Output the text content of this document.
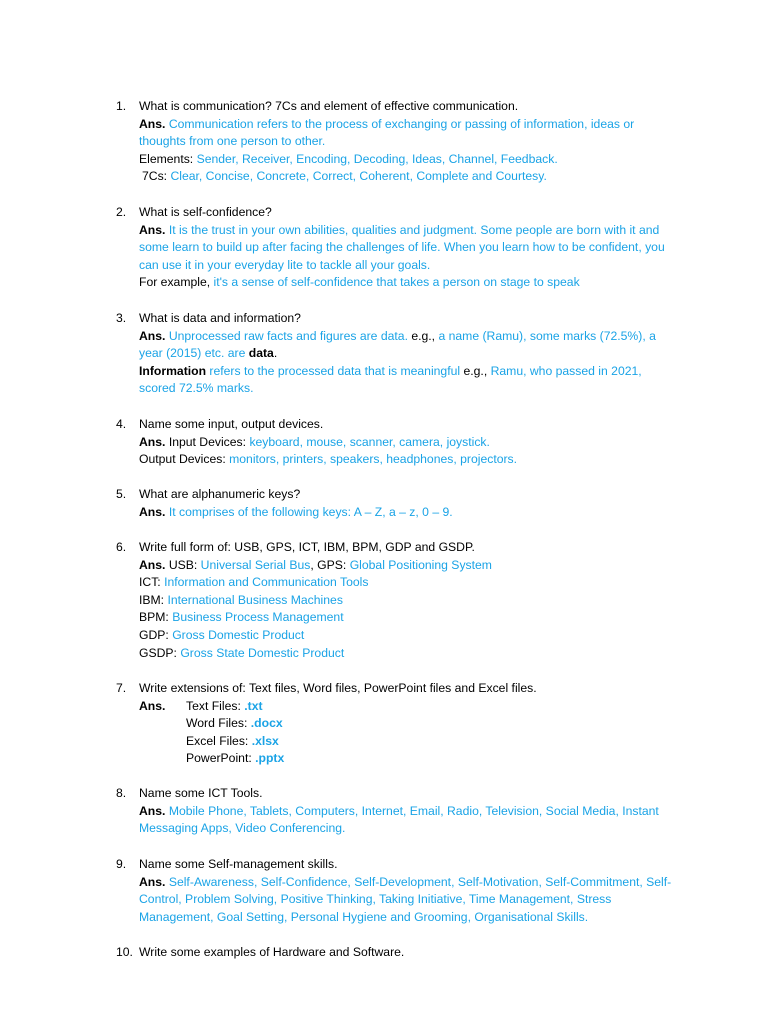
1. What is communication? 7Cs and element of effective communication.
Ans. Communication refers to the process of exchanging or passing of information, ideas or thoughts from one person to other.
Elements: Sender, Receiver, Encoding, Decoding, Ideas, Channel, Feedback.
7Cs: Clear, Concise, Concrete, Correct, Coherent, Complete and Courtesy.
2. What is self-confidence?
Ans. It is the trust in your own abilities, qualities and judgment. Some people are born with it and some learn to build up after facing the challenges of life. When you learn how to be confident, you can use it in your everyday lite to tackle all your goals.
For example, it's a sense of self-confidence that takes a person on stage to speak
3. What is data and information?
Ans. Unprocessed raw facts and figures are data. e.g., a name (Ramu), some marks (72.5%), a year (2015) etc. are data.
Information refers to the processed data that is meaningful e.g., Ramu, who passed in 2021, scored 72.5% marks.
4. Name some input, output devices.
Ans. Input Devices: keyboard, mouse, scanner, camera, joystick.
Output Devices: monitors, printers, speakers, headphones, projectors.
5. What are alphanumeric keys?
Ans. It comprises of the following keys: A – Z, a – z, 0 – 9.
6. Write full form of: USB, GPS, ICT, IBM, BPM, GDP and GSDP.
Ans. USB: Universal Serial Bus, GPS: Global Positioning System
ICT: Information and Communication Tools
IBM: International Business Machines
BPM: Business Process Management
GDP: Gross Domestic Product
GSDP: Gross State Domestic Product
7. Write extensions of: Text files, Word files, PowerPoint files and Excel files.
Ans.	Text Files: .txt
Word Files: .docx
Excel Files: .xlsx
PowerPoint: .pptx
8. Name some ICT Tools.
Ans. Mobile Phone, Tablets, Computers, Internet, Email, Radio, Television, Social Media, Instant Messaging Apps, Video Conferencing.
9. Name some Self-management skills.
Ans. Self-Awareness, Self-Confidence, Self-Development, Self-Motivation, Self-Commitment, Self-Control, Problem Solving, Positive Thinking, Taking Initiative, Time Management, Stress Management, Goal Setting, Personal Hygiene and Grooming, Organisational Skills.
10. Write some examples of Hardware and Software.
